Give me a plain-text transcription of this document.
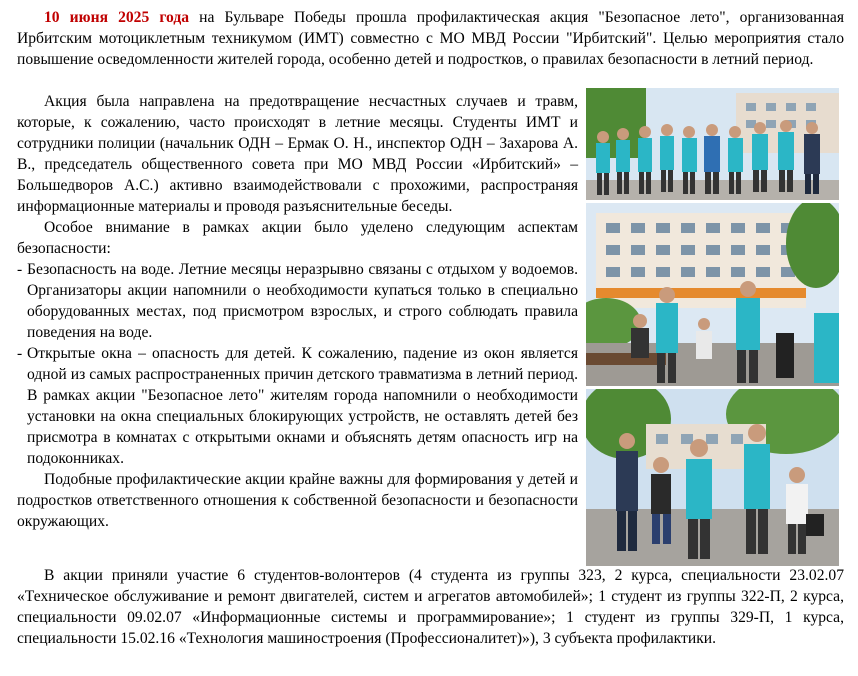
10 июня 2025 года на Бульваре Победы прошла профилактическая акция "Безопасное лето", организованная Ирбитским мотоциклетным техникумом (ИМТ) совместно с МО МВД России "Ирбитский". Целью мероприятия стало повышение осведомленности жителей города, особенно детей и подростков, о правилах безопасности в летний период.

Акция была направлена на предотвращение несчастных случаев и травм, которые, к сожалению, часто происходят в летние месяцы. Студенты ИМТ и сотрудники полиции (начальник ОДН – Ермак О. Н., инспектор ОДН – Захарова А. В., председатель общественного совета при МО МВД России «Ирбитский» – Большедворов А.С.) активно взаимодействовали с прохожими, распространяя информационные материалы и проводя разъяснительные беседы.

Особое внимание в рамках акции было уделено следующим аспектам безопасности:

- Безопасность на воде. Летние месяцы неразрывно связаны с отдыхом у водоемов. Организаторы акции напомнили о необходимости купаться только в специально оборудованных местах, под присмотром взрослых, и строго соблюдать правила поведения на воде.
- Открытые окна – опасность для детей. К сожалению, падение из окон является одной из самых распространенных причин детского травматизма в летний период. В рамках акции "Безопасное лето" жителям города напомнили о необходимости установки на окна специальных блокирующих устройств, не оставлять детей без присмотра в комнатах с открытыми окнами и объяснять детям опасность игр на подоконниках.

Подобные профилактические акции крайне важны для формирования у детей и подростков ответственного отношения к собственной безопасности и безопасности окружающих.

В акции приняли участие 6 студентов-волонтеров (4 студента из группы 323, 2 курса, специальности 23.02.07 «Техническое обслуживание и ремонт двигателей, систем и агрегатов автомобилей»; 1 студент из группы 322-П, 2 курса, специальности 09.02.07 «Информационные системы и программирование»; 1 студент из группы 329-П, 1 курса, специальности 15.02.16 «Технология машиностроения (Профессионалитет)»), 3 субъекта профилактики.
